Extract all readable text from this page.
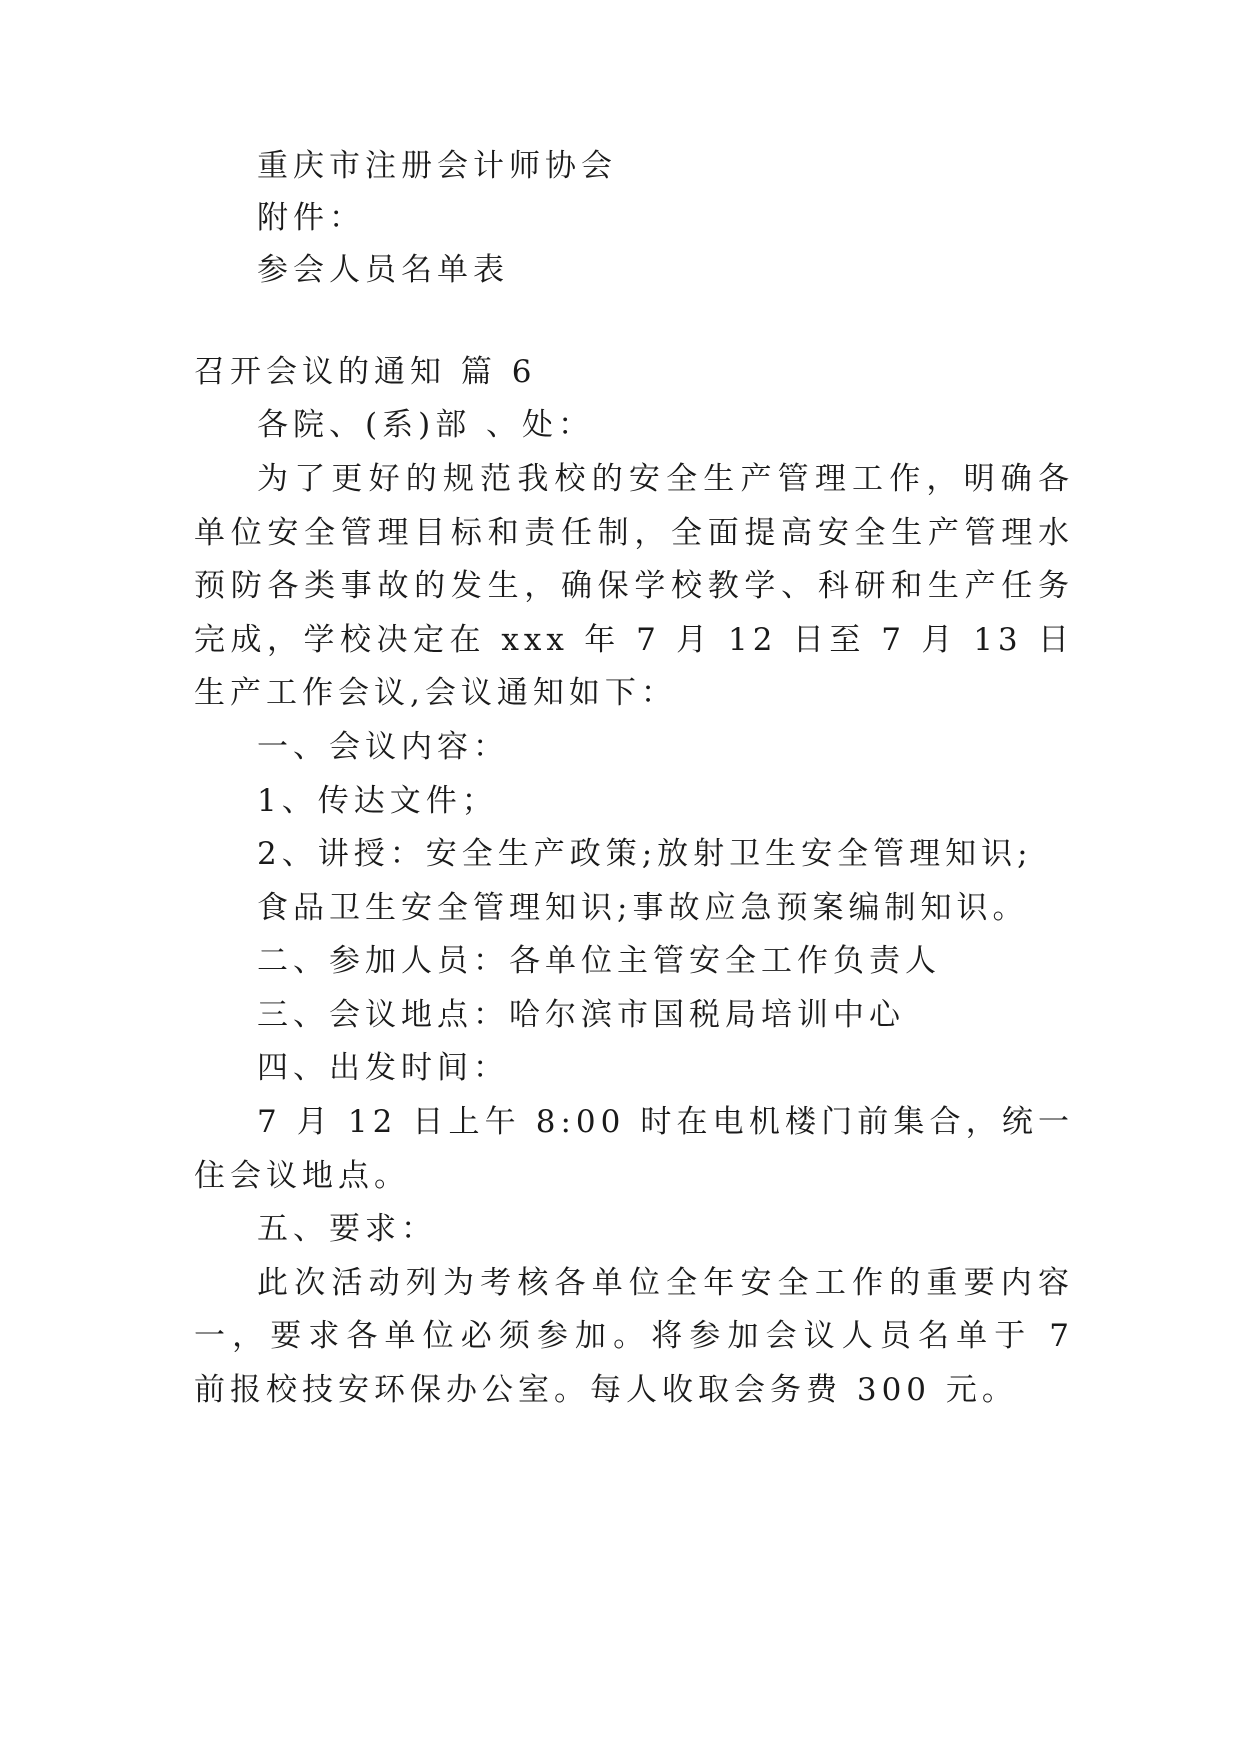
重庆市注册会计师协会
附件：
参会人员名单表
召开会议的通知 篇 6
各院、(系)部 、处：
为了更好的规范我校的安全生产管理工作，明确各
单位安全管理目标和责任制，全面提高安全生产管理水
预防各类事故的发生，确保学校教学、科研和生产任务
完成，学校决定在 xxx 年 7 月 12 日至 7 月 13 日
生产工作会议,会议通知如下：
一、会议内容：
1、传达文件；
2、讲授：安全生产政策;放射卫生安全管理知识;
食品卫生安全管理知识;事故应急预案编制知识。
二、参加人员：各单位主管安全工作负责人
三、会议地点：哈尔滨市国税局培训中心
四、出发时间：
7 月 12 日上午 8:00 时在电机楼门前集合，统一
住会议地点。
五、要求：
此次活动列为考核各单位全年安全工作的重要内容
一，要求各单位必须参加。将参加会议人员名单于 7
前报校技安环保办公室。每人收取会务费 300 元。
